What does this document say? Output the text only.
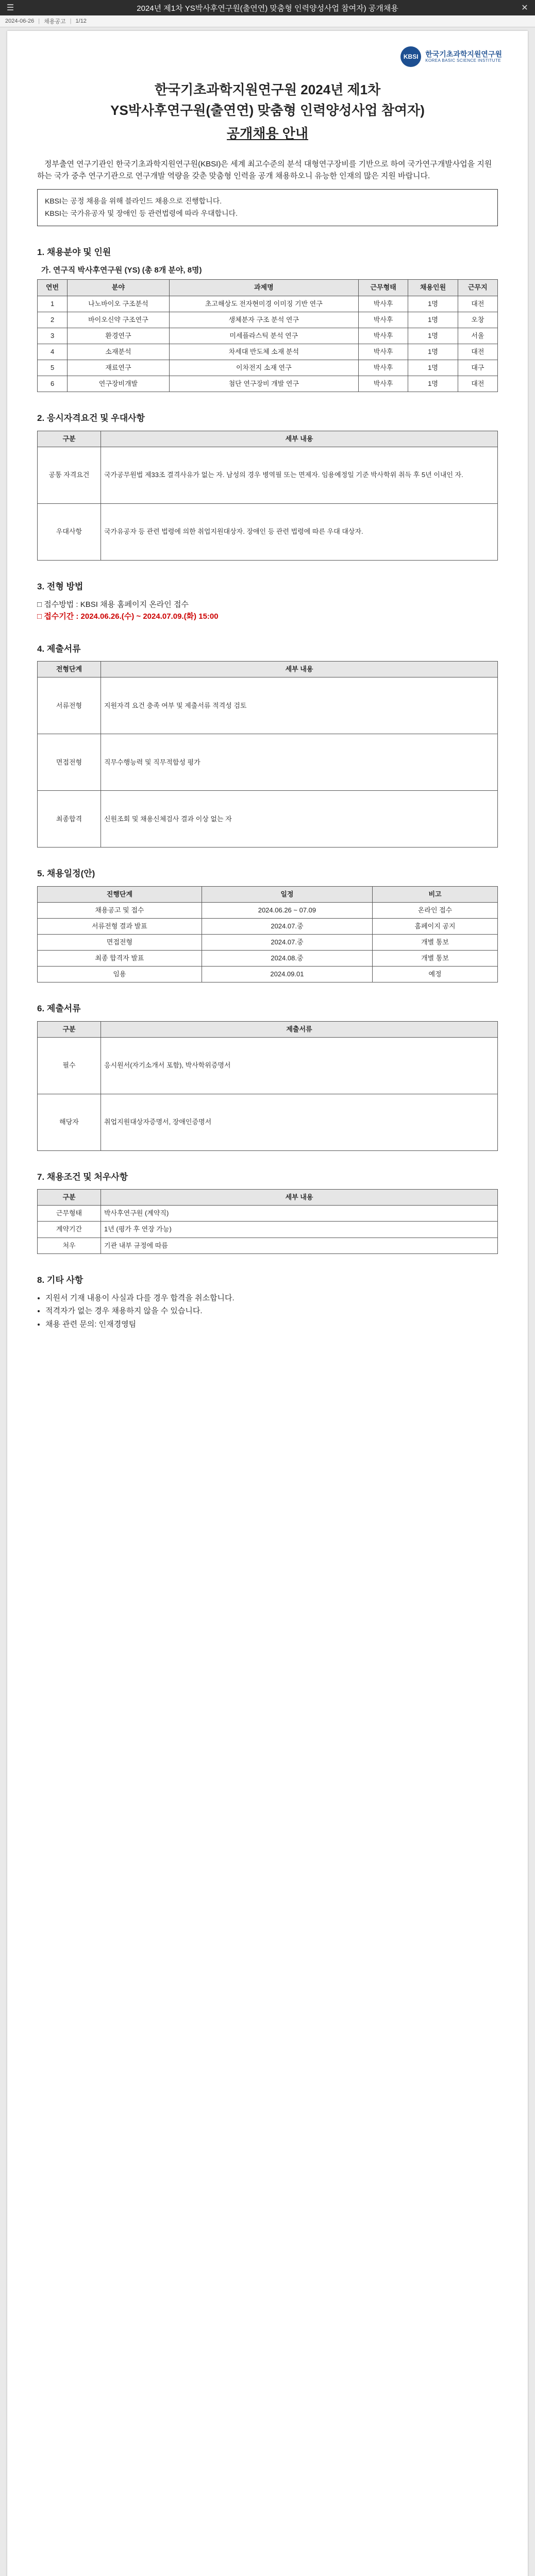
☰	2024년 제1차 YS박사후연구원(출연연) 맞춤형 인력양성사업 참여자) 공개채용	✕
2024-06-26 | 채용공고 | 1/12
KBSI 한국기초과학지원연구원
KOREA BASIC SCIENCE INSTITUTE
한국기초과학지원연구원 2024년 제1차
YS박사후연구원(출연연) 맞춤형 인력양성사업 참여자)
공개채용 안내
정부출연 연구기관인 한국기초과학지원연구원(KBSI)은 세계 최고수준의 분석 대형연구장비를 기반으로 하여 국가연구개발사업을 지원하는 국가 중추 연구기관으로 연구개발 역량을 갖춘 맞춤형 인력을 공개 채용하오니 유능한 인재의 많은 지원 바랍니다.
KBSI는 공정 채용을 위해 블라인드 채용으로 진행합니다.
KBSI는 국가유공자 및 장애인 등 관련법령에 따라 우대합니다.
1. 채용분야 및 인원
가. 연구직 박사후연구원 (YS) (총 8개 분야, 8명)
연번	분야	과제명	근무형태	채용인원	근무지
1	나노바이오 구조분석	초고해상도 전자현미경 이미징 기반 연구	박사후	1명	대전
2	바이오신약 구조연구	생체분자 구조 분석 연구	박사후	1명	오창
3	환경연구	미세플라스틱 분석 연구	박사후	1명	서울
4	소재분석	차세대 반도체 소재 분석	박사후	1명	대전
5	재료연구	이차전지 소재 연구	박사후	1명	대구
6	연구장비개발	첨단 연구장비 개발 연구	박사후	1명	대전
2. 응시자격요건 및 우대사항
구분	세부 내용
공통 자격요건	국가공무원법 제33조 결격사유가 없는 자. 남성의 경우 병역필 또는 면제자. 임용예정일 기준 박사학위 취득 후 5년 이내인 자.
우대사항	국가유공자 등 관련 법령에 의한 취업지원대상자. 장애인 등 관련 법령에 따른 우대 대상자.
3. 전형 방법
□ 접수방법 : KBSI 채용 홈페이지 온라인 접수
□ 접수기간 : 2024.06.26.(수) ~ 2024.07.09.(화) 15:00
4. 제출서류
전형단계	세부 내용
서류전형	지원자격 요건 충족 여부 및 제출서류 적격성 검토
면접전형	직무수행능력 및 직무적합성 평가
최종합격	신원조회 및 채용신체검사 결과 이상 없는 자
5. 채용일정(안)
진행단계	일정	비고
채용공고 및 접수	2024.06.26 ~ 07.09	온라인 접수
서류전형 결과 발표	2024.07.중	홈페이지 공지
면접전형	2024.07.중	개별 통보
최종 합격자 발표	2024.08.중	개별 통보
임용	2024.09.01	예정
6. 제출서류
구분	제출서류
필수	응시원서(자기소개서 포함), 박사학위증명서
해당자	취업지원대상자증명서, 장애인증명서
7. 채용조건 및 처우사항
구분	세부 내용
근무형태	박사후연구원 (계약직)
계약기간	1년 (평가 후 연장 가능)
처우	기관 내부 규정에 따름
8. 기타 사항
• 지원서 기재 내용이 사실과 다를 경우 합격을 취소합니다.
• 적격자가 없는 경우 채용하지 않을 수 있습니다.
• 채용 관련 문의: 인재경영팀
